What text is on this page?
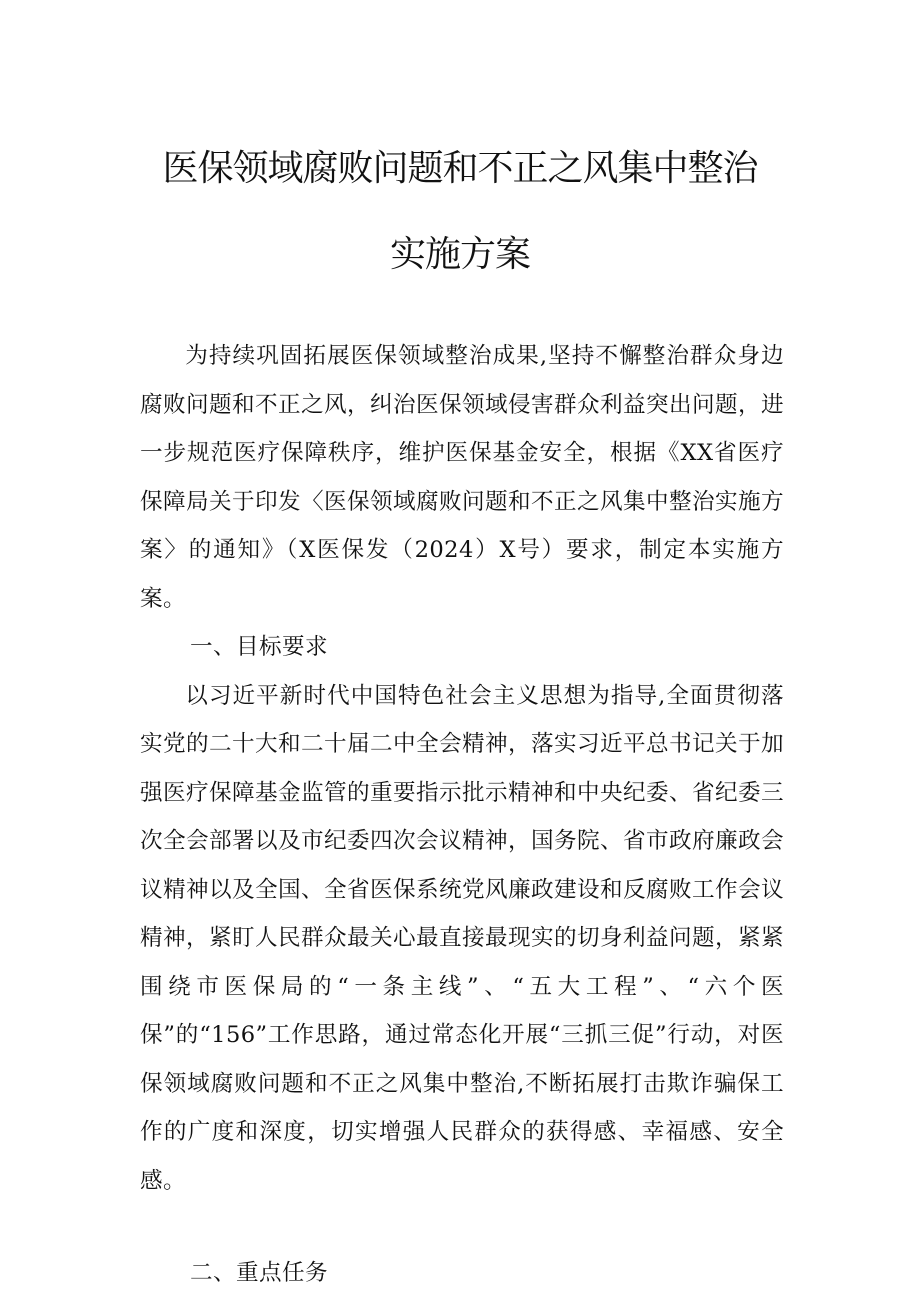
医保领域腐败问题和不正之风集中整治
实施方案

为持续巩固拓展医保领域整治成果,坚持不懈整治群众身边腐败问题和不正之风，纠治医保领域侵害群众利益突出问题，进一步规范医疗保障秩序，维护医保基金安全，根据《XX省医疗保障局关于印发〈医保领域腐败问题和不正之风集中整治实施方案〉的通知》（X医保发（2024）X号）要求，制定本实施方案。

一、目标要求

以习近平新时代中国特色社会主义思想为指导,全面贯彻落实党的二十大和二十届二中全会精神，落实习近平总书记关于加强医疗保障基金监管的重要指示批示精神和中央纪委、省纪委三次全会部署以及市纪委四次会议精神，国务院、省市政府廉政会议精神以及全国、全省医保系统党风廉政建设和反腐败工作会议精神，紧盯人民群众最关心最直接最现实的切身利益问题，紧紧围绕市医保局的“一条主线”、“五大工程”、“六个医保”的“156”工作思路，通过常态化开展“三抓三促”行动，对医保领域腐败问题和不正之风集中整治,不断拓展打击欺诈骗保工作的广度和深度，切实增强人民群众的获得感、幸福感、安全感。

二、重点任务
